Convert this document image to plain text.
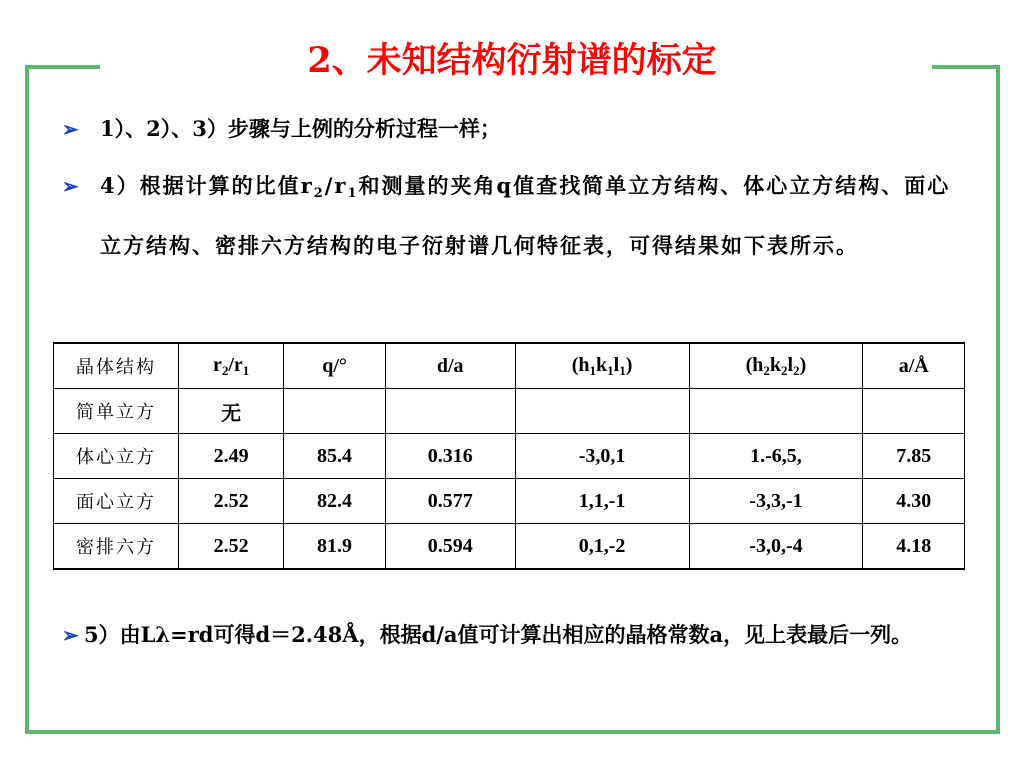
2、未知结构衍射谱的标定
➢ 1）、2）、3）步骤与上例的分析过程一样；
➢ 4）根据计算的比值$r_2/r_1$和测量的夹角q值查找简单立方结构、体心立方结构、面心立方结构、密排六方结构的电子衍射谱几何特征表，可得结果如下表所示。
晶体结构	$r_2/r_1$	q/°	d/a	$(h_1k_1l_1)$	$(h_2k_2l_2)$	a/Å
简单立方	无					
体心立方	2.49	85.4	0.316	-3,0,1	1.-6,5,	7.85
面心立方	2.52	82.4	0.577	1,1,-1	-3,3,-1	4.30
密排六方	2.52	81.9	0.594	0,1,-2	-3,0,-4	4.18
➢ 5）由Lλ=rd可得d＝2.48Å，根据d/a值可计算出相应的晶格常数a，见上表最后一列。
